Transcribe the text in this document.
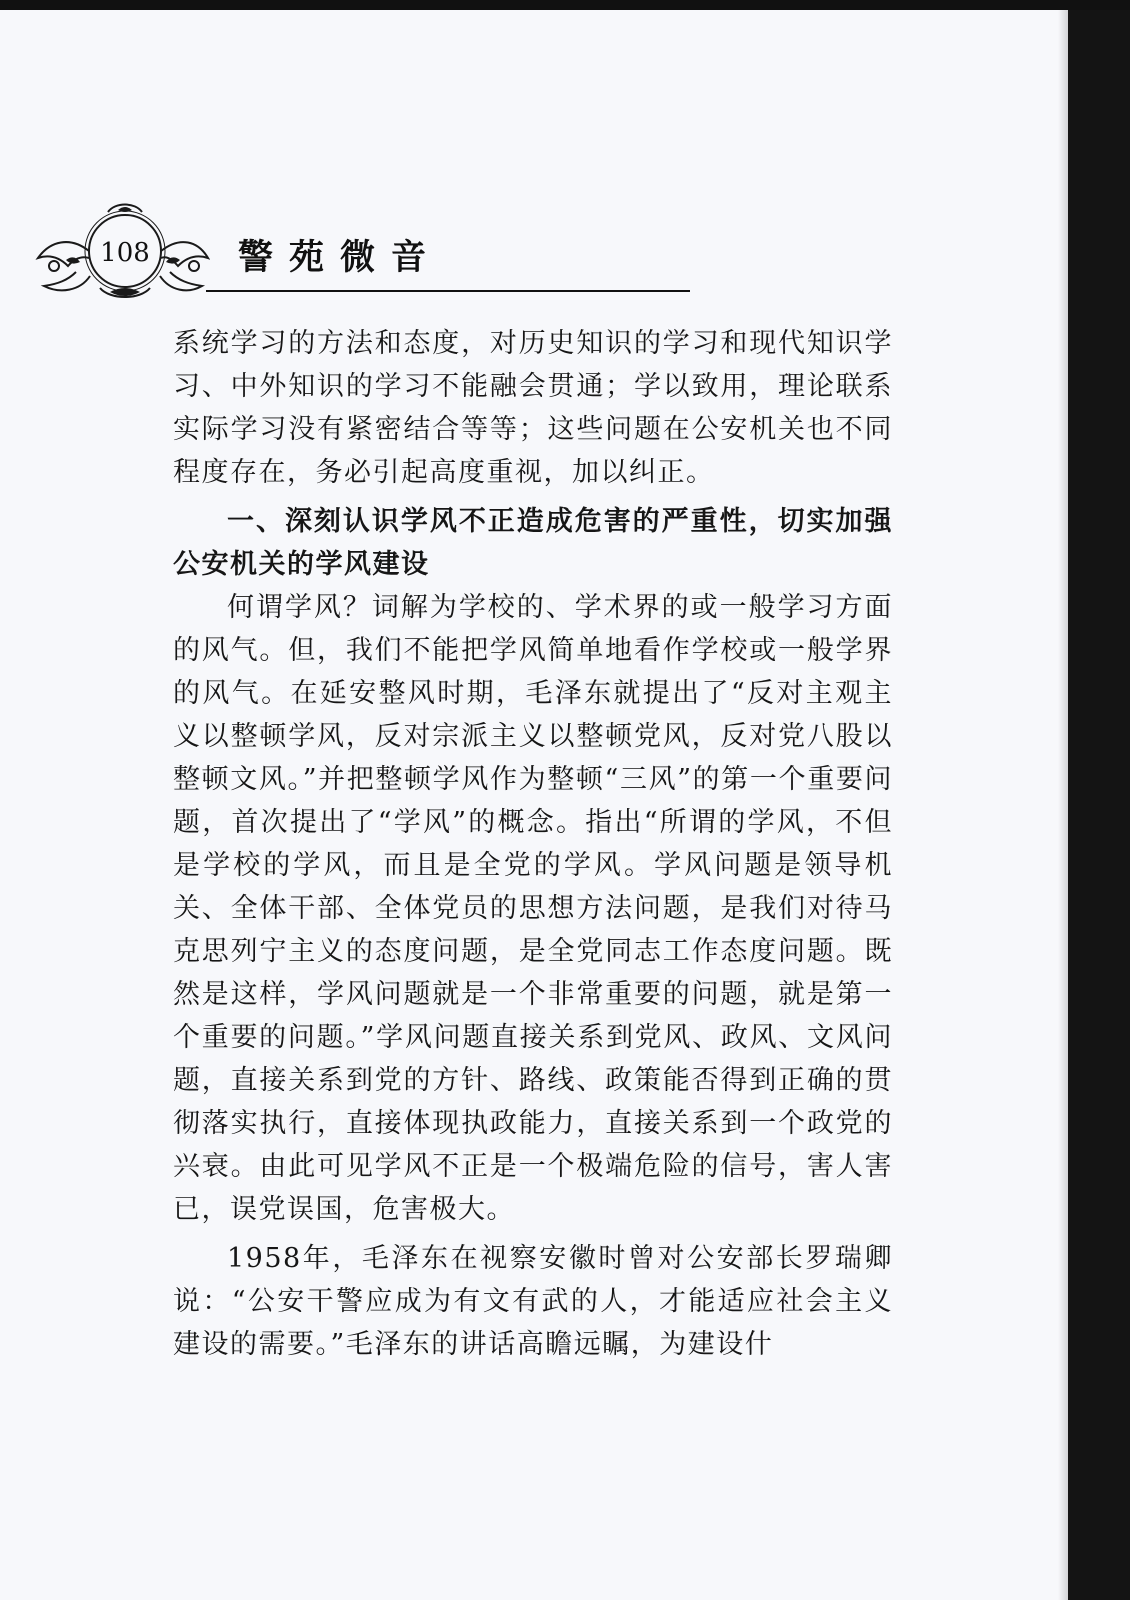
108	警苑微音

系统学习的方法和态度，对历史知识的学习和现代知识学习、中外知识的学习不能融会贯通；学以致用，理论联系实际学习没有紧密结合等等；这些问题在公安机关也不同程度存在，务必引起高度重视，加以纠正。

一、深刻认识学风不正造成危害的严重性，切实加强公安机关的学风建设

何谓学风？词解为学校的、学术界的或一般学习方面的风气。但，我们不能把学风简单地看作学校或一般学界的风气。在延安整风时期，毛泽东就提出了“反对主观主义以整顿学风，反对宗派主义以整顿党风，反对党八股以整顿文风。”并把整顿学风作为整顿“三风”的第一个重要问题，首次提出了“学风”的概念。指出“所谓的学风，不但是学校的学风，而且是全党的学风。学风问题是领导机关、全体干部、全体党员的思想方法问题，是我们对待马克思列宁主义的态度问题，是全党同志工作态度问题。既然是这样，学风问题就是一个非常重要的问题，就是第一个重要的问题。”学风问题直接关系到党风、政风、文风问题，直接关系到党的方针、路线、政策能否得到正确的贯彻落实执行，直接体现执政能力，直接关系到一个政党的兴衰。由此可见学风不正是一个极端危险的信号，害人害已，误党误国，危害极大。

1958年，毛泽东在视察安徽时曾对公安部长罗瑞卿说：“公安干警应成为有文有武的人，才能适应社会主义建设的需要。”毛泽东的讲话高瞻远瞩，为建设什
